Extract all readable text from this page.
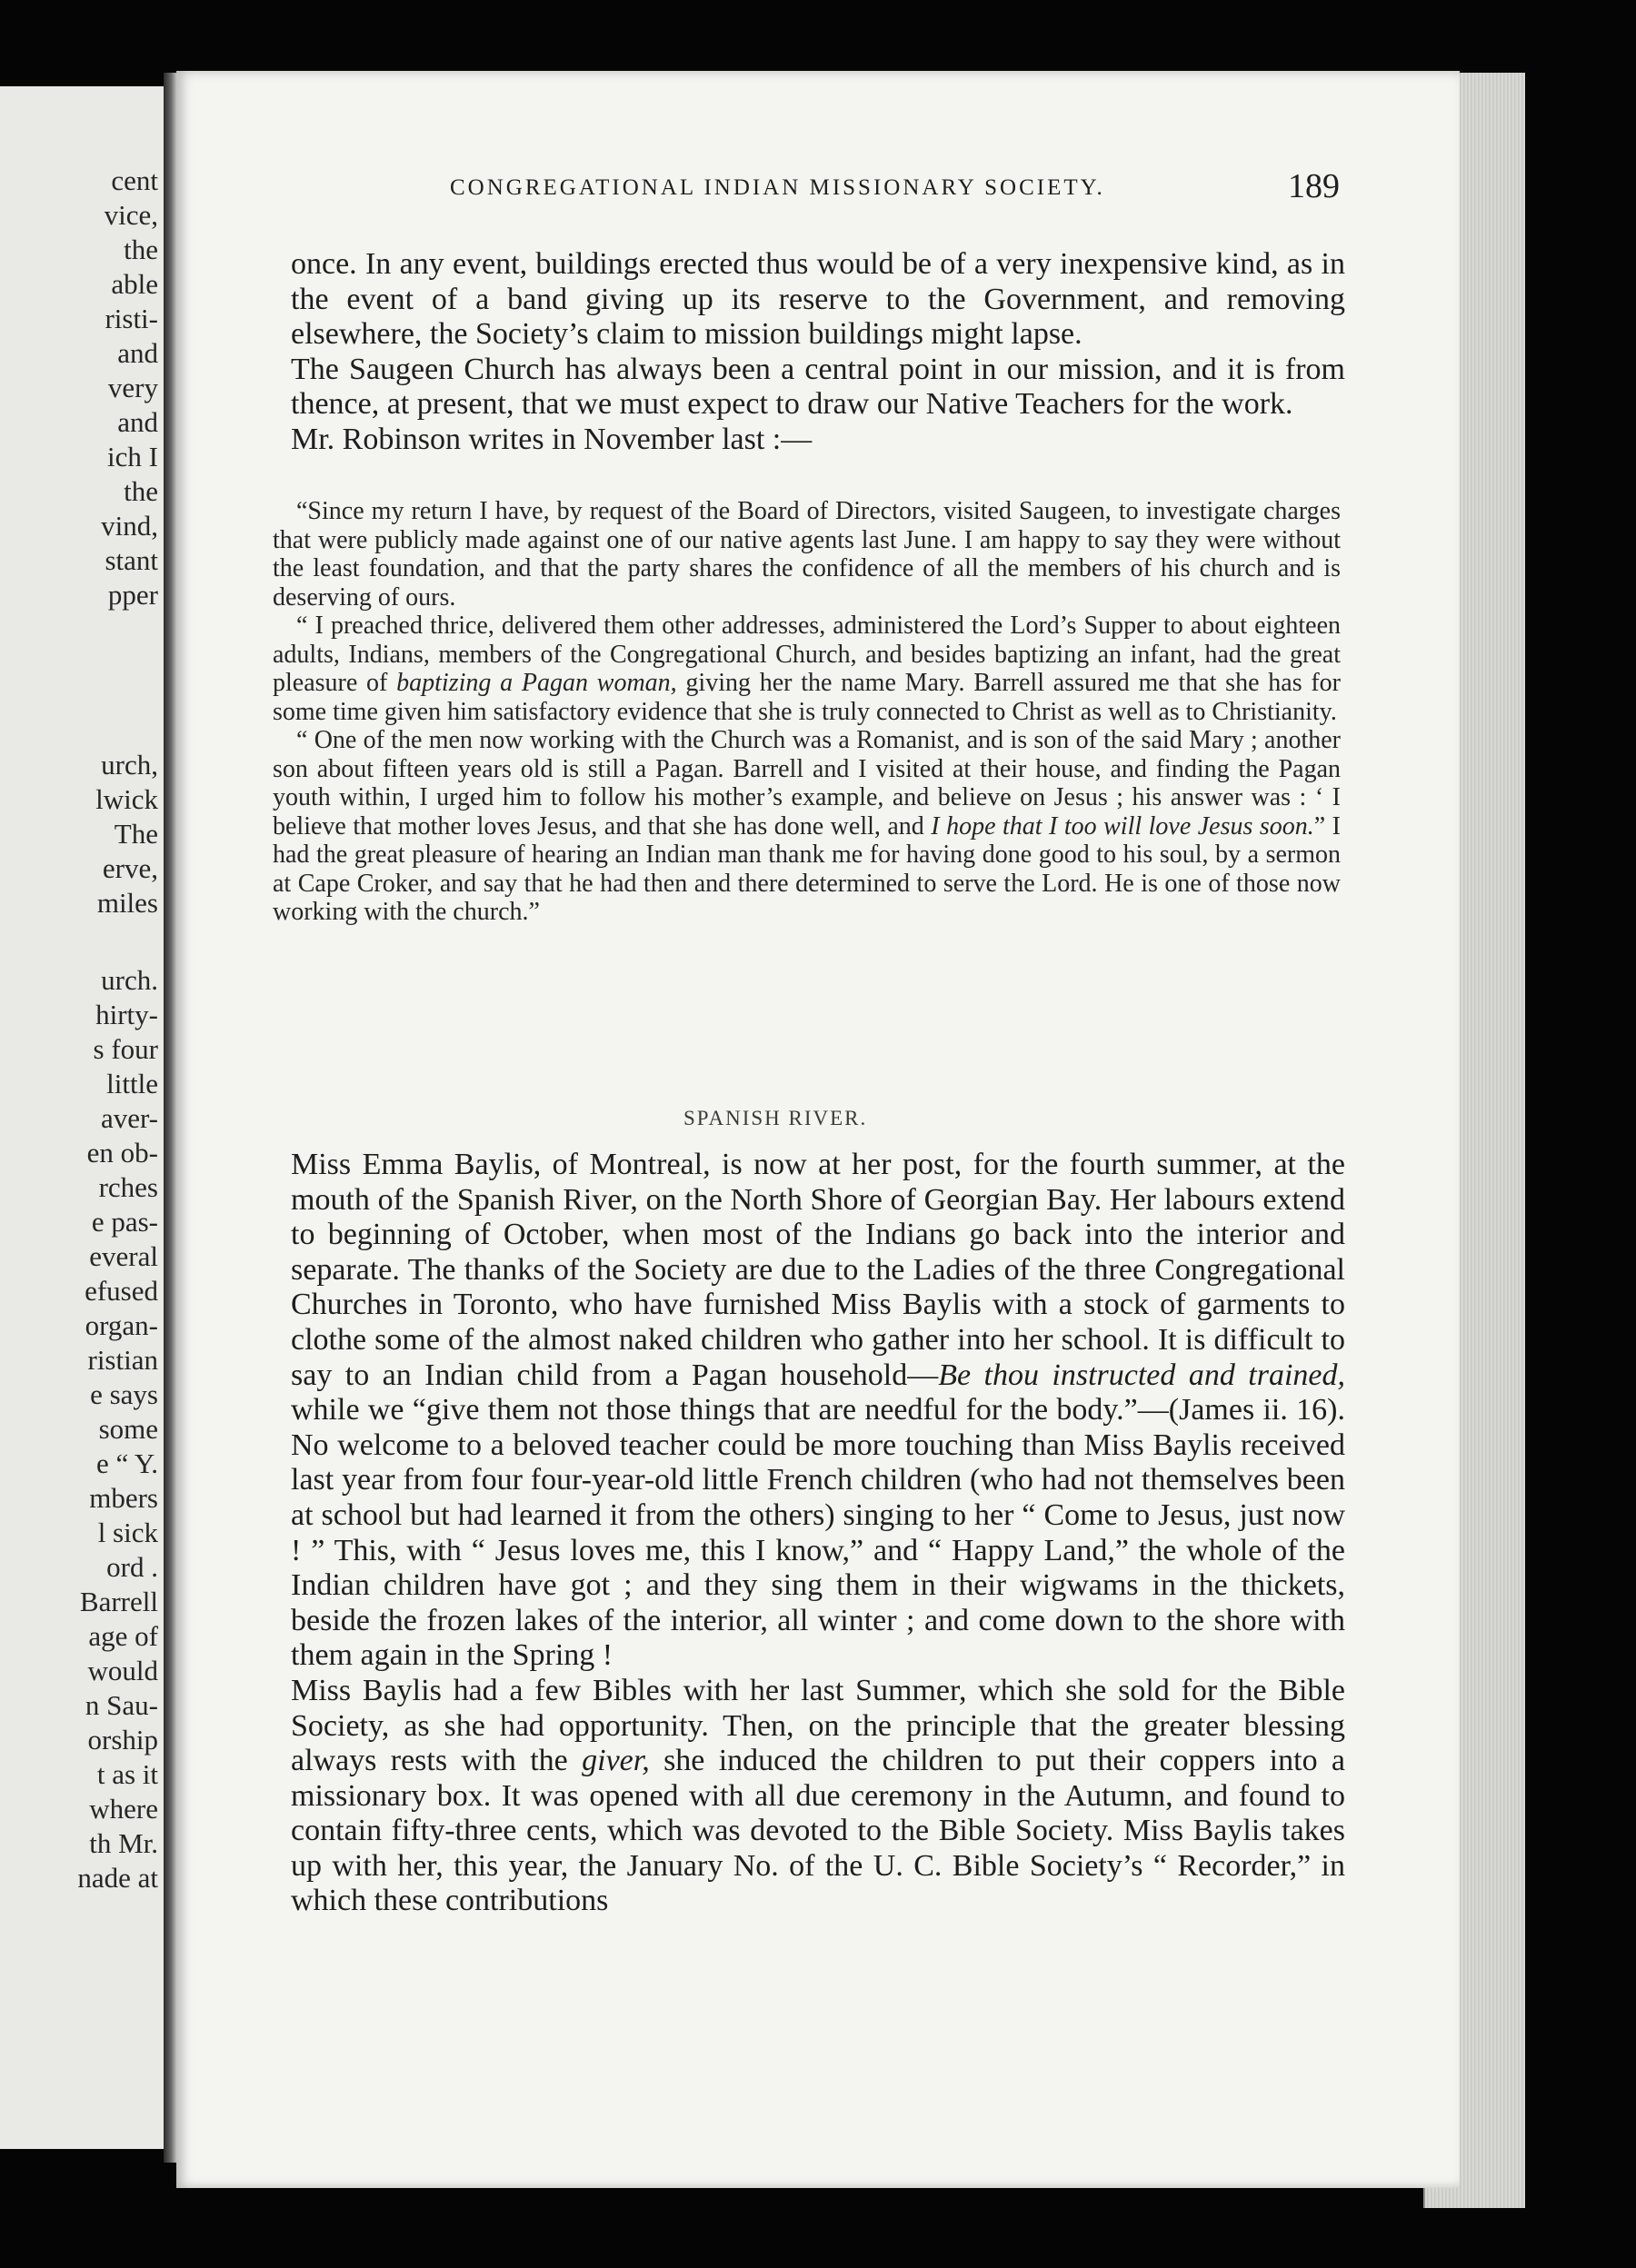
cent
vice,
the
able
risti-
and
very
and
ich I
the
vind,
stant
pper
urch,
lwick
The
erve,
miles
urch.
hirty-
s four
little
aver-
en ob-
rches
e pas-
everal
efused
organ-
ristian
e says
some
e “ Y.
mbers
l sick
ord .
Barrell
age of
would
n Sau-
orship
t as it
where
th Mr.
nade at
CONGREGATIONAL INDIAN MISSIONARY SOCIETY.	189

once. In any event, buildings erected thus would be of a very inexpensive kind, as in the event of a band giving up its reserve to the Government, and removing elsewhere, the Society’s claim to mission buildings might lapse.

The Saugeen Church has always been a central point in our mission, and it is from thence, at present, that we must expect to draw our Native Teachers for the work.

Mr. Robinson writes in November last :—

“Since my return I have, by request of the Board of Directors, visited Saugeen, to investigate charges that were publicly made against one of our native agents last June. I am happy to say they were without the least foundation, and that the party shares the confidence of all the members of his church and is deserving of ours.

“ I preached thrice, delivered them other addresses, administered the Lord’s Supper to about eighteen adults, Indians, members of the Congregational Church, and besides baptizing an infant, had the great pleasure of baptizing a Pagan woman, giving her the name Mary. Barrell assured me that she has for some time given him satisfactory evidence that she is truly connected to Christ as well as to Christianity.

“ One of the men now working with the Church was a Romanist, and is son of the said Mary ; another son about fifteen years old is still a Pagan. Barrell and I visited at their house, and finding the Pagan youth within, I urged him to follow his mother’s example, and believe on Jesus ; his answer was : ‘ I believe that mother loves Jesus, and that she has done well, and I hope that I too will love Jesus soon.” I had the great pleasure of hearing an Indian man thank me for having done good to his soul, by a sermon at Cape Croker, and say that he had then and there determined to serve the Lord. He is one of those now working with the church.”

SPANISH RIVER.

Miss Emma Baylis, of Montreal, is now at her post, for the fourth summer, at the mouth of the Spanish River, on the North Shore of Georgian Bay. Her labours extend to beginning of October, when most of the Indians go back into the interior and separate. The thanks of the Society are due to the Ladies of the three Congregational Churches in Toronto, who have furnished Miss Baylis with a stock of garments to clothe some of the almost naked children who gather into her school. It is difficult to say to an Indian child from a Pagan household—Be thou instructed and trained, while we “give them not those things that are needful for the body.”—(James ii. 16). No welcome to a beloved teacher could be more touching than Miss Baylis received last year from four four-year-old little French children (who had not themselves been at school but had learned it from the others) singing to her “ Come to Jesus, just now ! ” This, with “ Jesus loves me, this I know,” and “ Happy Land,” the whole of the Indian children have got ; and they sing them in their wigwams in the thickets, beside the frozen lakes of the interior, all winter ; and come down to the shore with them again in the Spring !

Miss Baylis had a few Bibles with her last Summer, which she sold for the Bible Society, as she had opportunity. Then, on the principle that the greater blessing always rests with the giver, she induced the children to put their coppers into a missionary box. It was opened with all due ceremony in the Autumn, and found to contain fifty-three cents, which was devoted to the Bible Society. Miss Baylis takes up with her, this year, the January No. of the U. C. Bible Society’s “ Recorder,” in which these contributions
